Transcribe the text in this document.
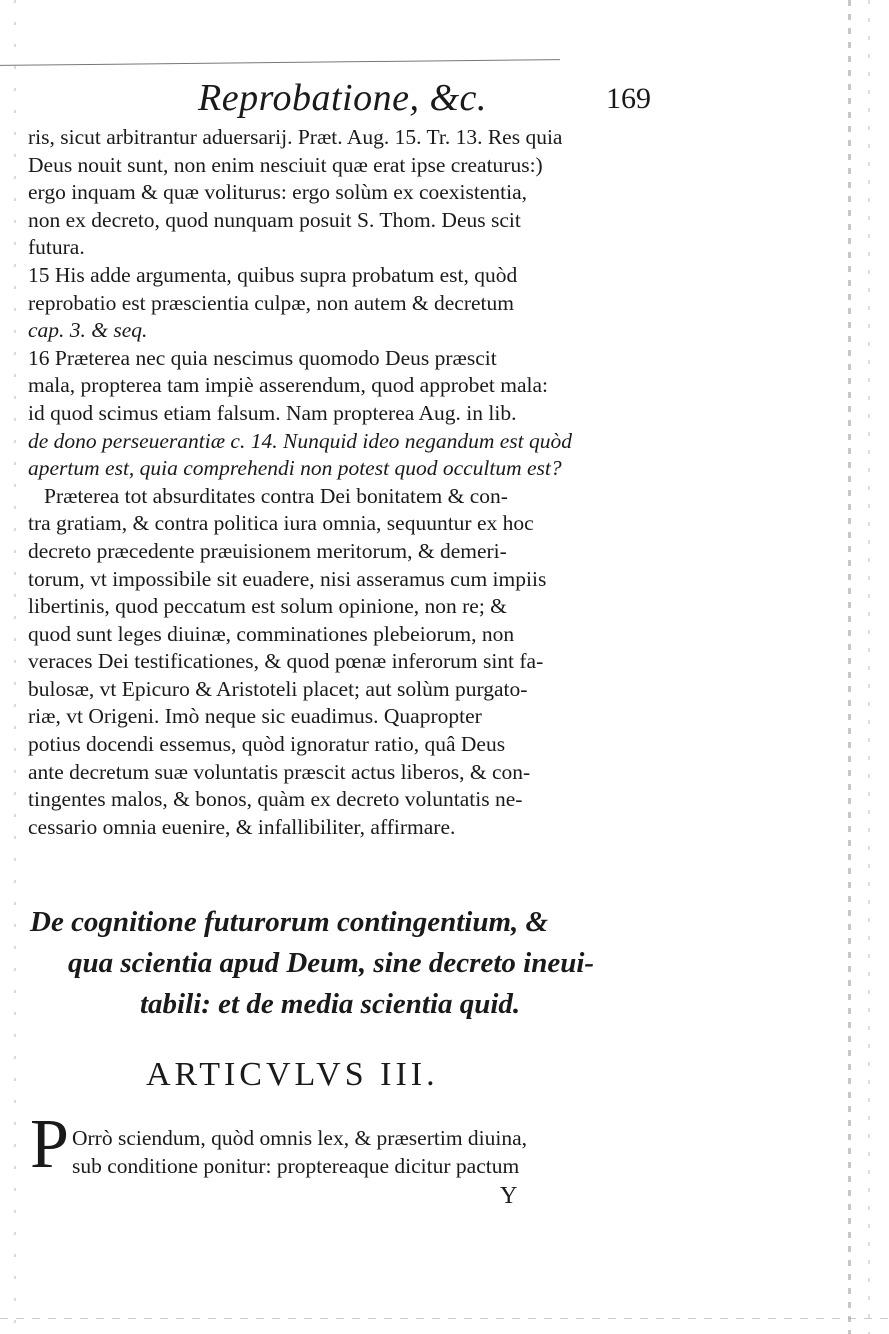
Reprobatione, &c.	169
ris, sicut arbitrantur aduersarij. Præt. Aug. 15. Tr. 13. Res quia
Deus nouit sunt, non enim nesciuit quæ erat ipse creaturus:)
ergo inquam & quæ voliturus: ergo solùm ex coexistentia,
non ex decreto, quod nunquam posuit S. Thom. Deus scit
futura.
15 His adde argumenta, quibus supra probatum est, quòd
reprobatio est præscientia culpæ, non autem & decretum
cap. 3. & seq.
16 Præterea nec quia nescimus quomodo Deus præscit
mala, propterea tam impiè asserendum, quod approbet mala:
id quod scimus etiam falsum. Nam propterea Aug. in lib.
de dono perseuerantiæ c. 14. Nunquid ideo negandum est quòd
apertum est, quia comprehendi non potest quod occultum est?
Præterea tot absurditates contra Dei bonitatem & con-
tra gratiam, & contra politica iura omnia, sequuntur ex hoc
decreto præcedente præuisionem meritorum, & demeri-
torum, vt impossibile sit euadere, nisi asseramus cum impiis
libertinis, quod peccatum est solum opinione, non re; &
quod sunt leges diuinæ, comminationes plebeiorum, non
veraces Dei testificationes, & quod pœnæ inferorum sint fa-
bulosæ, vt Epicuro & Aristoteli placet; aut solùm purgato-
riæ, vt Origeni. Imò neque sic euadimus. Quapropter
potius docendi essemus, quòd ignoratur ratio, quâ Deus
ante decretum suæ voluntatis præscit actus liberos, & con-
tingentes malos, & bonos, quàm ex decreto voluntatis ne-
cessario omnia euenire, & infallibiliter, affirmare.
De cognitione futurorum contingentium, &
qua scientia apud Deum, sine decreto ineui-
tabili: et de media scientia quid.
ARTICVLVS III.
P Orrò sciendum, quòd omnis lex, & præsertim diuina,
sub conditione ponitur: proptereaque dicitur pactum
Y
